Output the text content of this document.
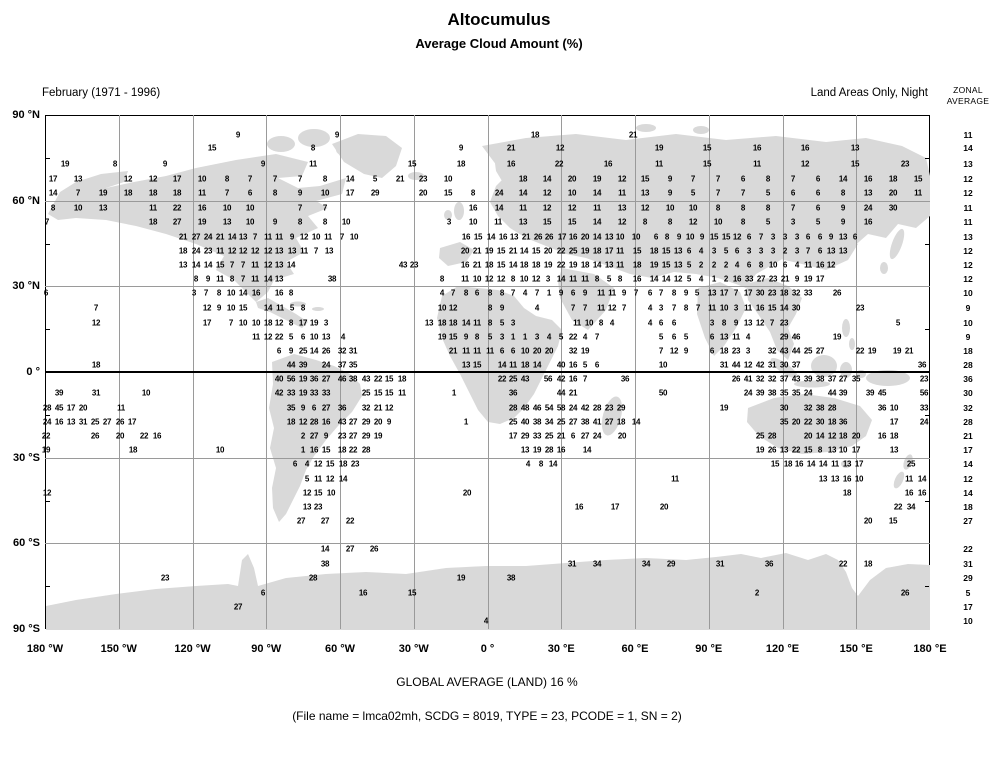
Altocumulus
Average Cloud Amount (%)
February (1971 - 1996)	Land Areas Only, Night	ZONAL
AVERAGE
9	9	18	21	11
15	8	9	21	12	19	15	16	16	13	14
19	8	9	9	11	15	18	16	22	16	11	15	11	12	15	23	13
17 13	12 12 17 10 8 7	7	7	8 14 5 21 23 10	18 14 20 19 12 15 9 7	7	6	8	7	6 14 16 18 15	12
14 7 19 18 18 18 11 7 6	8	9 10 17 29	20 15 8 24 14 12 10 14 11 13 9 5	7	7	5	6	6	8 13 20 11	12
8 10 13	11 22 16 10 10	7	7	16 14 11 12 12 11 13 12 10 10 8	8	8	7	6	9 24 30	11
7	18 27 19 13 10 9	8	8 10	3 10 11 13 15 15 14 12 8	8 12 10 8	5	3	5	9 16	11
21 27 24 21 14 13 7 11 11 9 12 10 11 7 10	16 15 14 16 13 21 26 26 17 16 20 14 13 10 10 6 8 9 10 9 15 15 12 6 7 3 3 3 6 6 9 13 6	13
18 24 23 11 12 12 12 12 13 13 11 7 13	20 21 19 15 21 14 15 20 22 25 19 18 17 11 15 18 15 13 6 4 3 5 6 3 3 3 2 3 7 6 13 13	12
13 14 14 15 7 7 11 12 13 14	43 23	16 21 18 15 14 18 18 19 22 19 18 14 13 11 18 19 15 13 5 2 2 2 4 6 8 10 6 4 11 16 12	12
8 9 11 8 7 11 14 13	38	8 11 10 12 12 8 10 12 3 14 11 11 8 5 8 16 14 14 12 5 4 1 2 16 33 27 23 21 9 19 17	12
6	3 7 8 10 14 16 16 8	4 7 8 6 8 8 7 4 7 1 9 6 9 11 11 9 7 6 7 8 9 5 13 17 7 17 30 23 18 32 33	26	10
7	12 9 10 15 14 11 5 8	10 12	8 9	4	7 7 11 12 7	4 3 7 8 7 11 10 3 11 16 15 14 30	23	9
12	17 7 10 10 18 12 8 17 19 3	13 18 18 14 11 8 5 3	11 10 8 4	4 6 6	3 8 9 13 12 7 23	5	10
11 12 22 5 6 10 13 4	19 15 9 8 5 3 1 1 3 4 5 22 4 7	5 6 5	6 13 11 4	29 46	19	9
6 9 25 14 26 32 31	21 11 11 11 6 6 10 20 20 32 19	7 12 9	6 18 23 3 32 43 44 25 27	22 19 19 21	18
18	44 39 24 37 35	13 15 14 11 18 14 40 16 5 6	10	31 44 12 42 31 30 37	36	28
40 56 19 36 27 46 38 43 22 15 18	22 25 43 56 42 16 7	36	26 41 32 32 37 43 39 38 37 27 35	23	36
39	31	10	42 33 19 33 33	25 15 15 11	1	36	44 21	50	24 39 38 35 35 24 44 39 39 45	56	30
28 45 17 20	11	35 9 6 27 36 32 21 12	28 48 46 54 58 24 42 28 23 29	19	30 32 38 28	36 10	33	32
24 16 13 31 25 27 26 17	18 12 28 16 43 27 29 20 9	1	25 40 38 34 25 27 38 41 27 18 14	35 20 22 30 18 36	17	24	28
22	26 20 22 16	2 27 9 23 27 29 19	17 29 33 25 21 6 27 24 20	25 28	20 14 12 18 20 16 18	21
19	18	10	1 16 15 18 22 28	13 19 28 16 14	19 26 13 22 15 8 13 10 17	13	17
6 4 12 15 18 23	4 8 14	15 18 16 14 14 11 13 17	25	14
5 11 12 14	11	13 13 16 10	11 14	12
12	12 15 10	20	18	16 16	14
13 23	16	17	20	22 34	18
27 27 22	20 15	27
14 27 26	22
38	31 34	34 29	31	36	22 18	31
23	28	19	38	29
6	16	15	2	26	5
27	17
4	10
180 °W	150 °W	120 °W	90 °W	60 °W	30 °W	0 °	30 °E	60 °E	90 °E	120 °E	150 °E	180 °E
90 °N
60 °N
30 °N
0 °
30 °S
60 °S
90 °S
GLOBAL AVERAGE (LAND) 16 %
(File name = lmca02mh, SCDG = 8019, TYPE = 23, PCODE = 1, SN = 2)
